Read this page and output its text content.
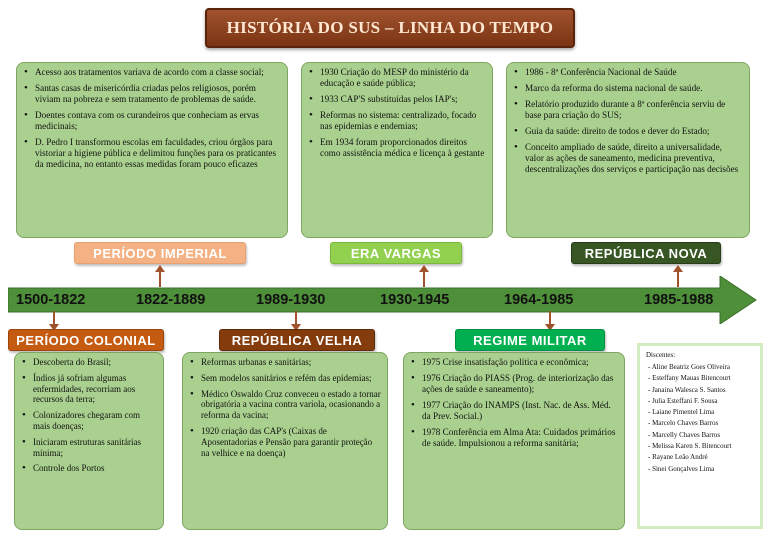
HISTÓRIA DO SUS – LINHA DO TEMPO
• Acesso aos tratamentos variava de acordo com a classe social;
• Santas casas de misericórdia criadas pelos religiosos, porém viviam na pobreza e sem tratamento de problemas de saúde.
• Doentes contava com os curandeiros que conheciam as ervas medicinais;
• D. Pedro I transformou escolas em faculdades, criou órgãos para vistoriar a higiene pública e delimitou funções para os praticantes da medicina, no entanto essas medidas foram pouco eficazes
• 1930 Criação do MESP do ministério da educação e saúde pública;
• 1933 CAP'S substituídas pelos IAP's;
• Reformas no sistema: centralizado, focado nas epidemias e endemias;
• Em 1934 foram proporcionados direitos como assistência médica e licença à gestante
• 1986 - 8ª Conferência Nacional de Saúde
• Marco da reforma do sistema nacional de saúde.
• Relatório produzido durante a 8ª conferência serviu de base para criação do SUS;
• Guia da saúde: direito de todos e dever do Estado;
• Conceito ampliado de saúde, direito a universalidade, valor as ações de saneamento, medicina preventiva, descentralizações dos serviços e participação nas decisões
PERÍODO IMPERIAL	ERA VARGAS	REPÚBLICA NOVA
1500-1822	1822-1889	1989-1930	1930-1945	1964-1985	1985-1988
PERÍODO COLONIAL	REPÚBLICA VELHA	REGIME MILITAR
• Descoberta do Brasil;
• Índios já sofriam algumas enfermidades, recorriam aos recursos da terra;
• Colonizadores chegaram com mais doenças;
• Iniciaram estruturas sanitárias mínima;
• Controle dos Portos
• Reformas urbanas e sanitárias;
• Sem modelos sanitários e refém das epidemias;
• Médico Oswaldo Cruz conveceu o estado a tornar obrigatória a vacina contra varíola, ocasionando a reforma da vacina;
• 1920 criação das CAP's (Caixas de Aposentadorias e Pensão para garantir proteção na velhice e na doença)
• 1975 Crise insatisfação política e econômica;
• 1976 Criação do PIASS (Prog. de interiorização das ações de saúde e saneamento);
• 1977 Criação do INAMPS (Inst. Nac. de Ass. Méd. da Prev. Social.)
• 1978 Conferência em Alma Ata: Cuidados primários de saúde. Impulsionou a reforma sanitária;
Discentes:
- Aline Beatriz Goes Oliveira
- Esteffany Mauas Bitencourt
- Janaina Walesca S. Santos
- Julia Esteffani F. Sousa
- Laiane Pimentel Lima
- Marcelo Chaves Barros
- Marcelly Chaves Barros
- Melissa Karen S. Bitencourt
- Rayane Leão André
- Sinei Gonçalves Lima
